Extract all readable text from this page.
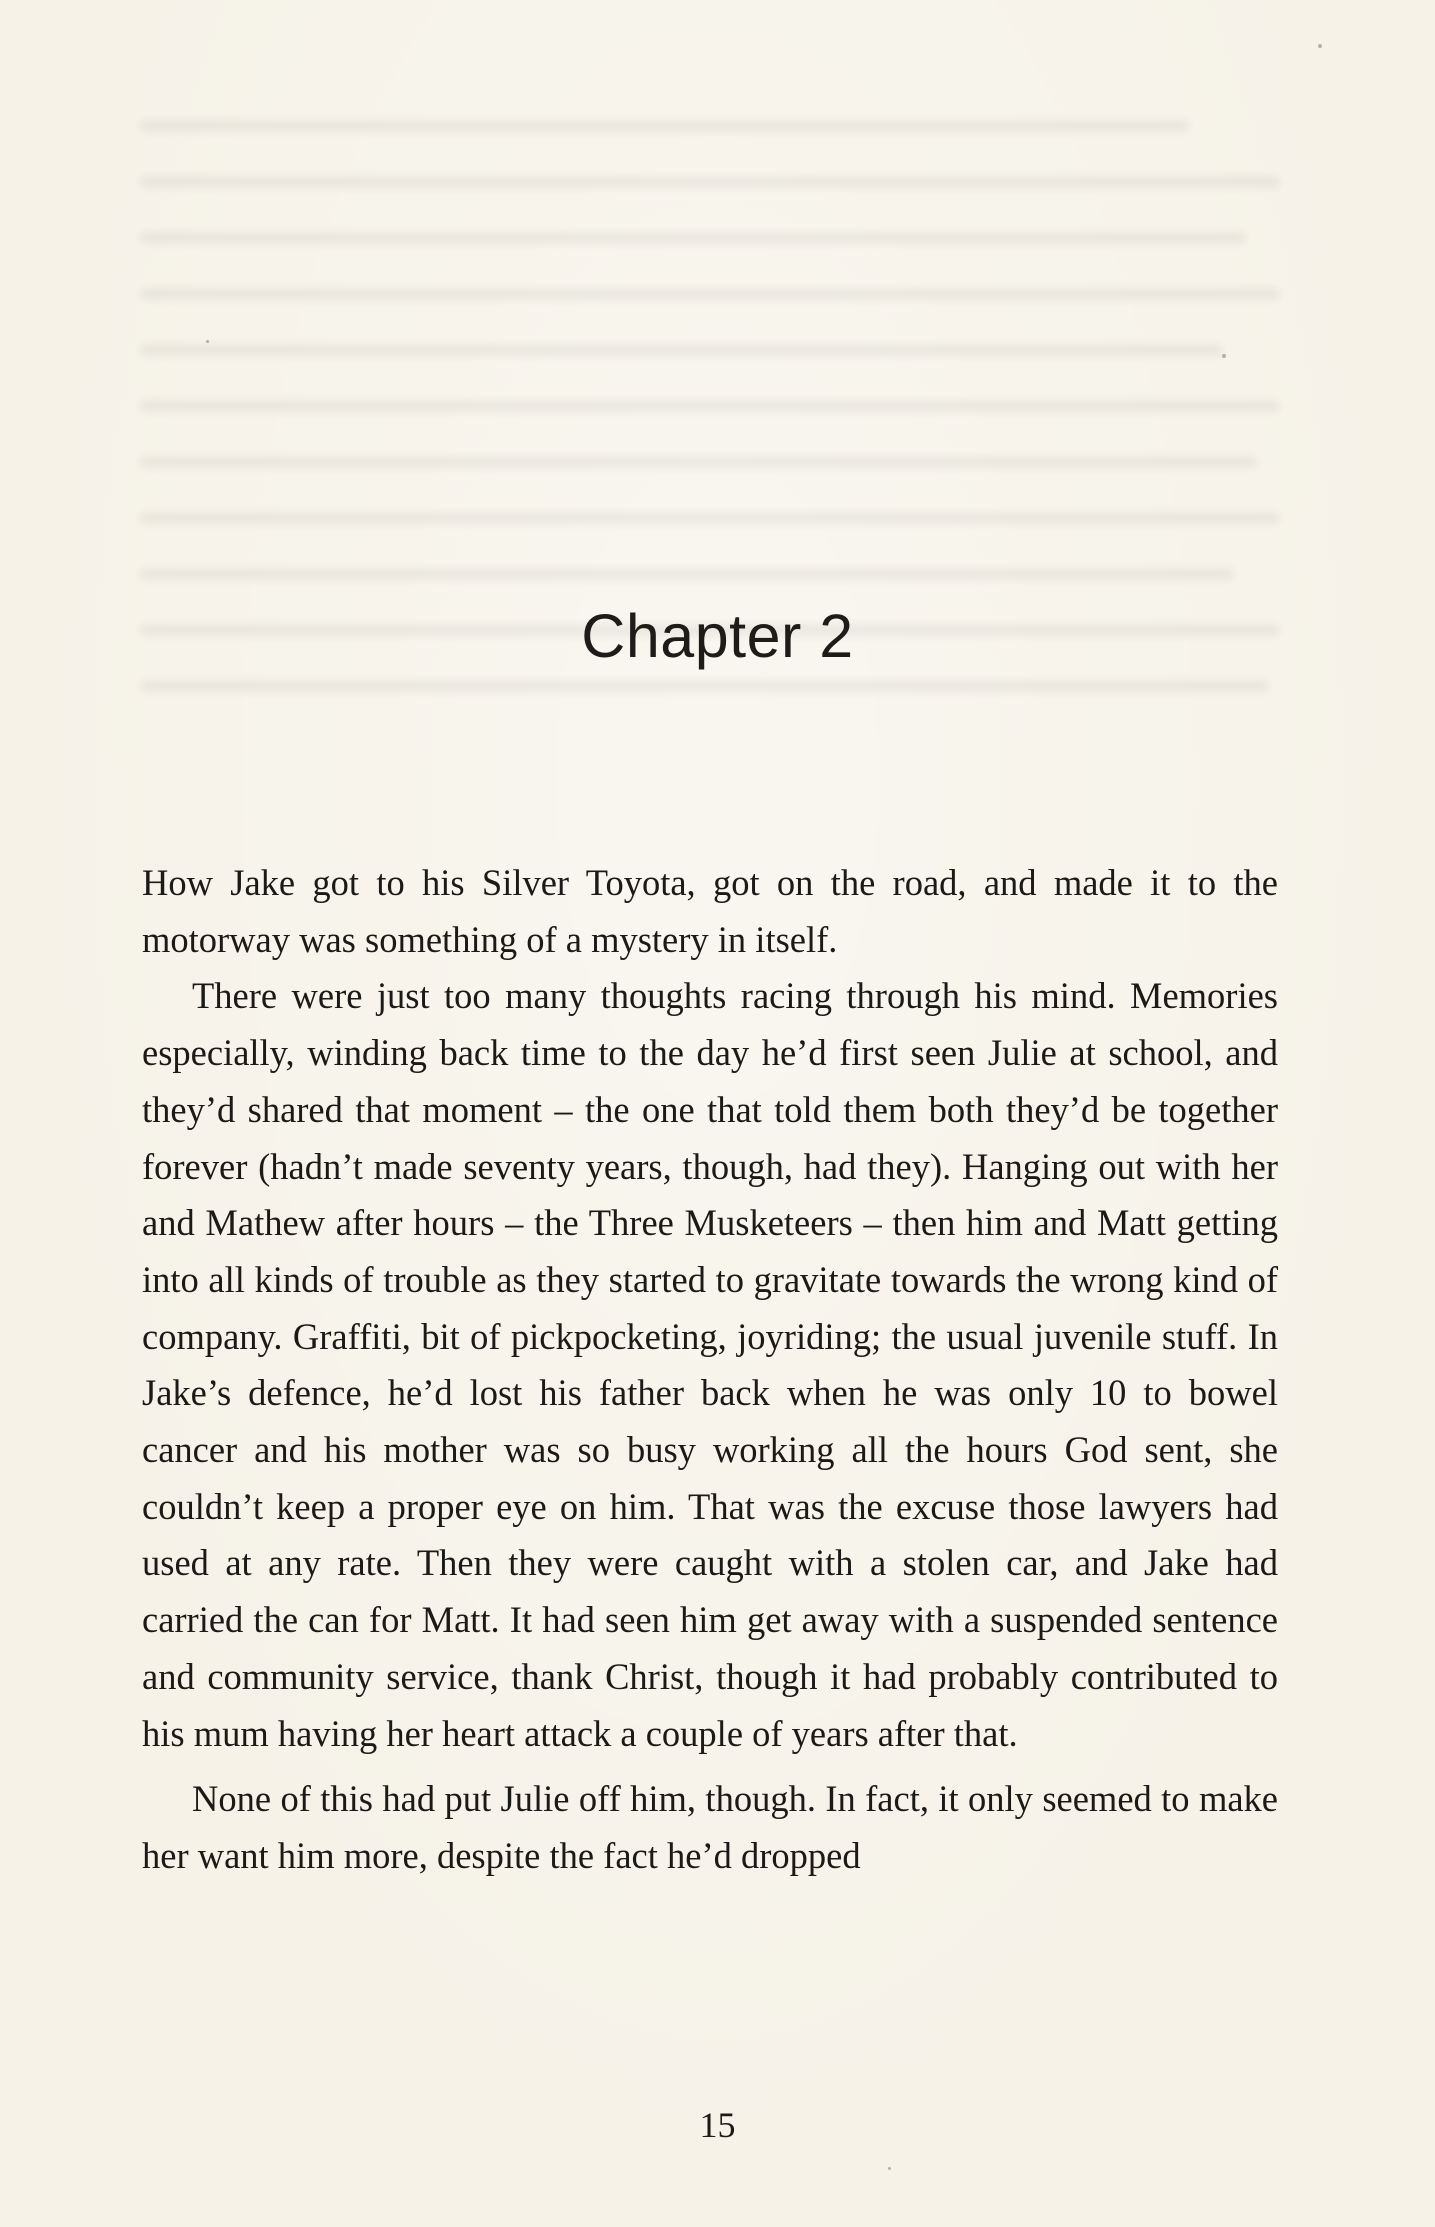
Chapter 2

How Jake got to his Silver Toyota, got on the road, and made it to the motorway was something of a mystery in itself.

There were just too many thoughts racing through his mind. Memories especially, winding back time to the day he’d first seen Julie at school, and they’d shared that moment – the one that told them both they’d be together forever (hadn’t made seventy years, though, had they). Hanging out with her and Mathew after hours – the Three Musketeers – then him and Matt getting into all kinds of trouble as they started to gravitate towards the wrong kind of company. Graffiti, bit of pickpocketing, joyriding; the usual juvenile stuff. In Jake’s defence, he’d lost his father back when he was only 10 to bowel cancer and his mother was so busy working all the hours God sent, she couldn’t keep a proper eye on him. That was the excuse those lawyers had used at any rate. Then they were caught with a stolen car, and Jake had carried the can for Matt. It had seen him get away with a suspended sentence and community service, thank Christ, though it had probably contributed to his mum having her heart attack a couple of years after that.

None of this had put Julie off him, though. In fact, it only seemed to make her want him more, despite the fact he’d dropped

15
